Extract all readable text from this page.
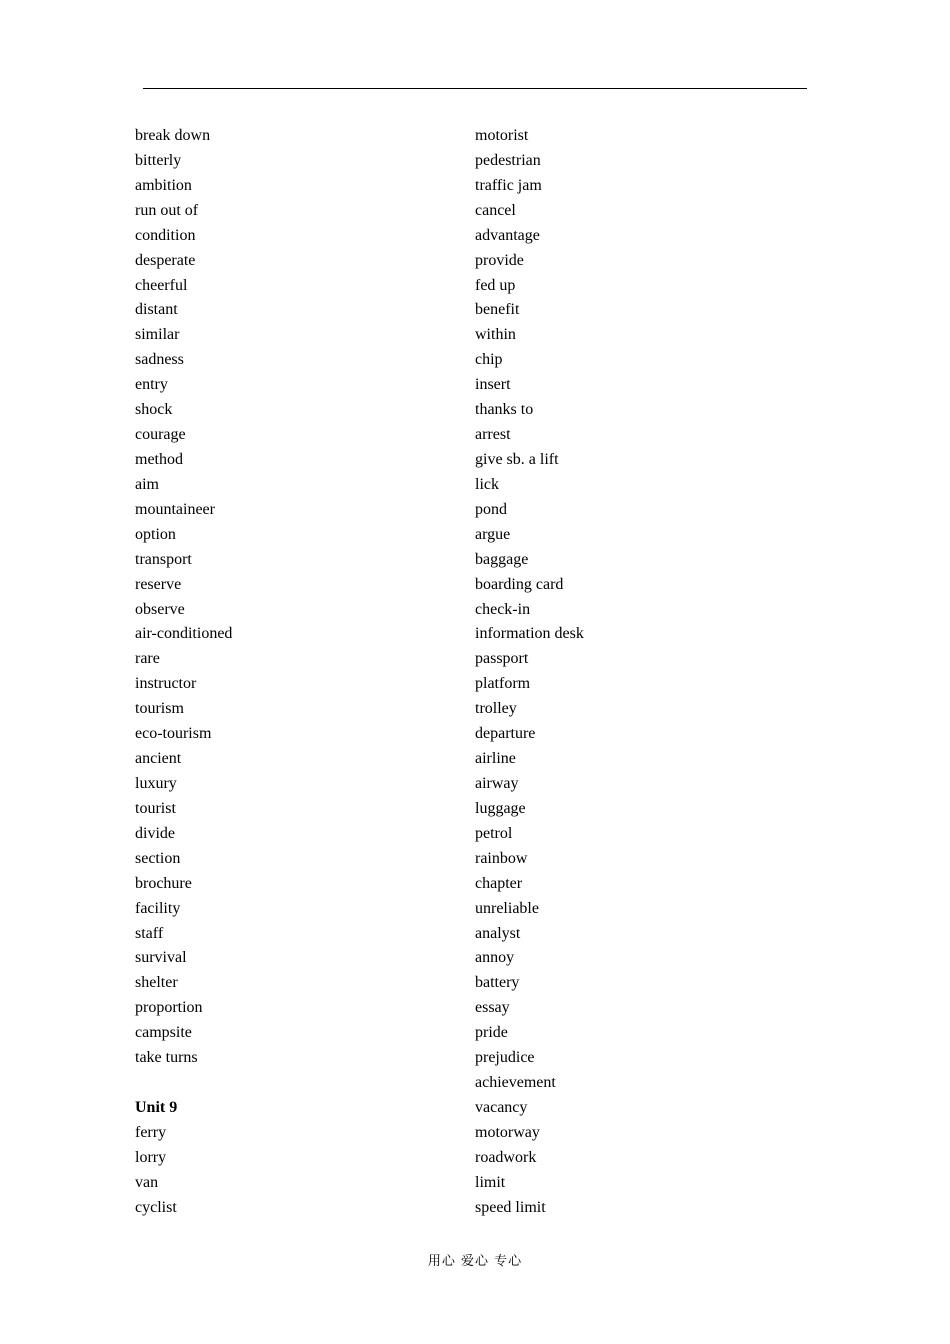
break down
bitterly
ambition
run out of
condition
desperate
cheerful
distant
similar
sadness
entry
shock
courage
method
aim
mountaineer
option
transport
reserve
observe
air-conditioned
rare
instructor
tourism
eco-tourism
ancient
luxury
tourist
divide
section
brochure
facility
staff
survival
shelter
proportion
campsite
take turns
Unit 9
ferry
lorry
van
cyclist
motorist
pedestrian
traffic jam
cancel
advantage
provide
fed up
benefit
within
chip
insert
thanks to
arrest
give sb. a lift
lick
pond
argue
baggage
boarding card
check-in
information desk
passport
platform
trolley
departure
airline
airway
luggage
petrol
rainbow
chapter
unreliable
analyst
annoy
battery
essay
pride
prejudice
achievement
vacancy
motorway
roadwork
limit
speed limit
用心 爱心 专心
